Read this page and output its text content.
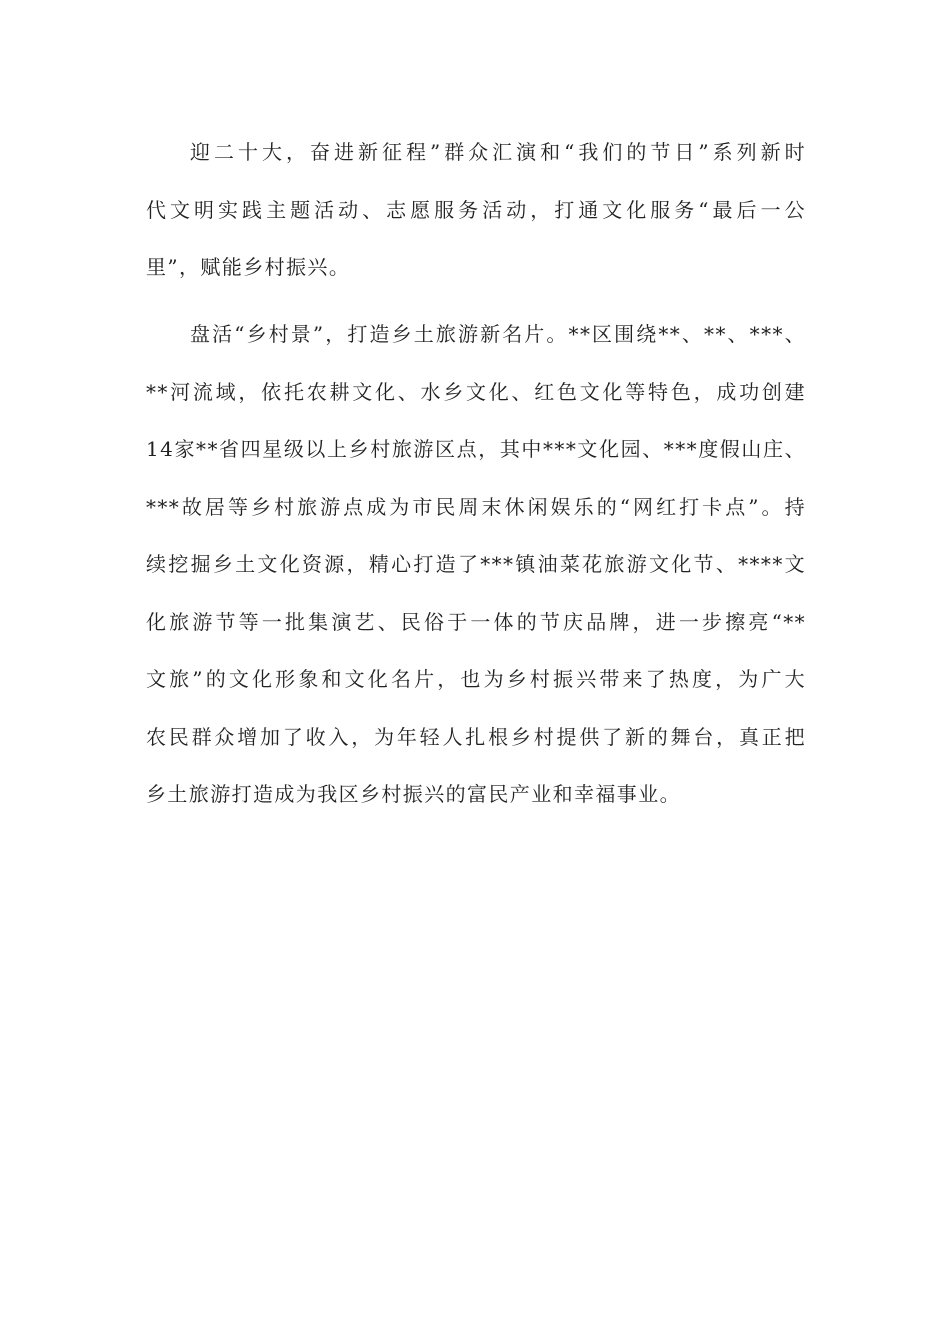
迎二十大，奋进新征程”群众汇演和“我们的节日”系列新时
代文明实践主题活动、志愿服务活动，打通文化服务“最后一公
里”，赋能乡村振兴。
盘活“乡村景”，打造乡土旅游新名片。**区围绕**、**、***、
**河流域，依托农耕文化、水乡文化、红色文化等特色，成功创建
14家**省四星级以上乡村旅游区点，其中***文化园、***度假山庄、
***故居等乡村旅游点成为市民周末休闲娱乐的“网红打卡点”。持
续挖掘乡土文化资源，精心打造了***镇油菜花旅游文化节、****文
化旅游节等一批集演艺、民俗于一体的节庆品牌，进一步擦亮“**
文旅”的文化形象和文化名片，也为乡村振兴带来了热度，为广大
农民群众增加了收入，为年轻人扎根乡村提供了新的舞台，真正把
乡土旅游打造成为我区乡村振兴的富民产业和幸福事业。
